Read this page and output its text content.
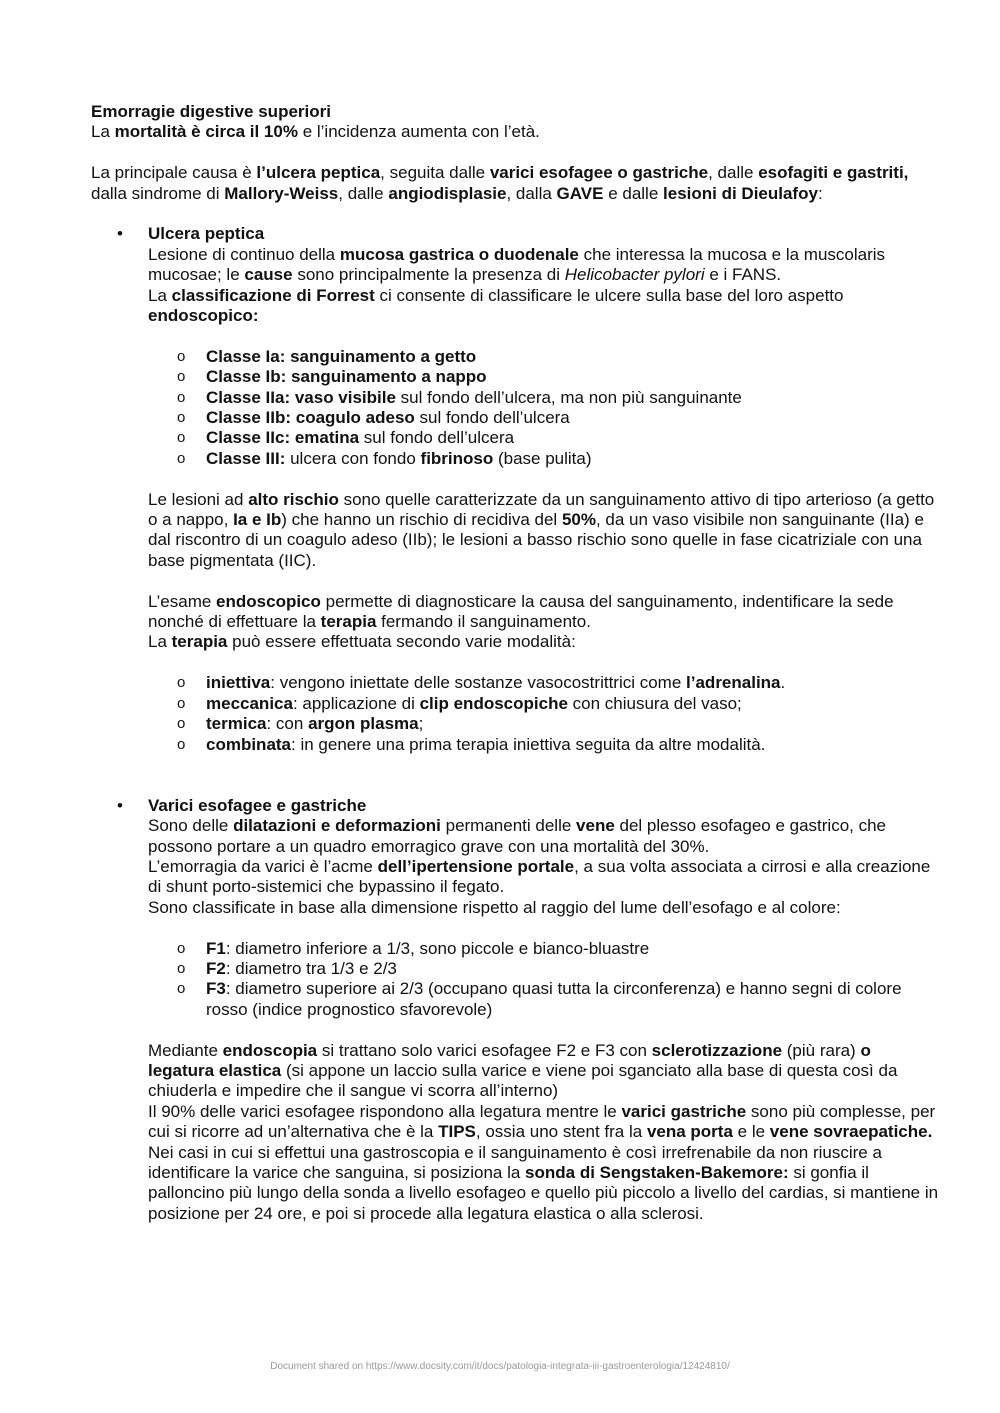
Emorragie digestive superiori

La mortalità è circa il 10% e l’incidenza aumenta con l’età.

La principale causa è l’ulcera peptica, seguita dalle varici esofagee o gastriche, dalle esofagiti e gastriti, dalla sindrome di Mallory-Weiss, dalle angiodisplasie, dalla GAVE e dalle lesioni di Dieulafoy:

• Ulcera peptica

Lesione di continuo della mucosa gastrica o duodenale che interessa la mucosa e la muscolaris mucosae; le cause sono principalmente la presenza di Helicobacter pylori e i FANS.

La classificazione di Forrest ci consente di classificare le ulcere sulla base del loro aspetto endoscopico:

o Classe Ia: sanguinamento a getto
o Classe Ib: sanguinamento a nappo
o Classe IIa: vaso visibile sul fondo dell’ulcera, ma non più sanguinante
o Classe IIb: coagulo adeso sul fondo dell’ulcera
o Classe IIc: ematina sul fondo dell’ulcera
o Classe III: ulcera con fondo fibrinoso (base pulita)

Le lesioni ad alto rischio sono quelle caratterizzate da un sanguinamento attivo di tipo arterioso (a getto o a nappo, Ia e Ib) che hanno un rischio di recidiva del 50%, da un vaso visibile non sanguinante (IIa) e dal riscontro di un coagulo adeso (IIb); le lesioni a basso rischio sono quelle in fase cicatriziale con una base pigmentata (IIC).

L’esame endoscopico permette di diagnosticare la causa del sanguinamento, indentificare la sede nonché di effettuare la terapia fermando il sanguinamento.

La terapia può essere effettuata secondo varie modalità:

o iniettiva: vengono iniettate delle sostanze vasocostrittrici come l’adrenalina.
o meccanica: applicazione di clip endoscopiche con chiusura del vaso;
o termica: con argon plasma;
o combinata: in genere una prima terapia iniettiva seguita da altre modalità.
• Varici esofagee e gastriche

Sono delle dilatazioni e deformazioni permanenti delle vene del plesso esofageo e gastrico, che possono portare a un quadro emorragico grave con una mortalità del 30%.

L’emorragia da varici è l’acme dell’ipertensione portale, a sua volta associata a cirrosi e alla creazione di shunt porto-sistemici che bypassino il fegato.

Sono classificate in base alla dimensione rispetto al raggio del lume dell’esofago e al colore:

o F1: diametro inferiore a 1/3, sono piccole e bianco-bluastre
o F2: diametro tra 1/3 e 2/3
o F3: diametro superiore ai 2/3 (occupano quasi tutta la circonferenza) e hanno segni di colore rosso (indice prognostico sfavorevole)

Mediante endoscopia si trattano solo varici esofagee F2 e F3 con sclerotizzazione (più rara) o legatura elastica (si appone un laccio sulla varice e viene poi sganciato alla base di questa così da chiuderla e impedire che il sangue vi scorra all’interno)

Il 90% delle varici esofagee rispondono alla legatura mentre le varici gastriche sono più complesse, per cui si ricorre ad un’alternativa che è la TIPS, ossia uno stent fra la vena porta e le vene sovraepatiche.

Nei casi in cui si effettui una gastroscopia e il sanguinamento è così irrefrenabile da non riuscire a identificare la varice che sanguina, si posiziona la sonda di Sengstaken-Bakemore: si gonfia il palloncino più lungo della sonda a livello esofageo e quello più piccolo a livello del cardias, si mantiene in posizione per 24 ore, e poi si procede alla legatura elastica o alla sclerosi.

Document shared on https://www.docsity.com/it/docs/patologia-integrata-iii-gastroenterologia/12424810/
